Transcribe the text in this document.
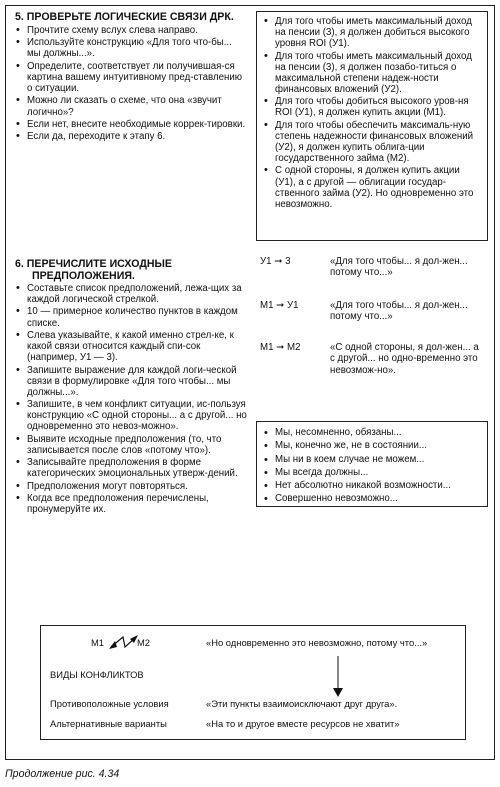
5. ПРОВЕРЬТЕ ЛОГИЧЕСКИЕ СВЯЗИ ДРК.
• Прочтите схему вслух слева направо.
• Используйте конструкцию «Для того что-бы... мы должны...».
• Определите, соответствует ли получившая-ся картина вашему интуитивному пред-ставлению о ситуации.
• Можно ли сказать о схеме, что она «звучит логично»?
• Если нет, внесите необходимые коррек-тировки.
• Если да, переходите к этапу 6.
• Для того чтобы иметь максимальный доход на пенсии (3), я должен добиться высокого уровня ROI (У1).
• Для того чтобы иметь максимальный доход на пенсии (3), я должен позабо-титься о максимальной степени надеж-ности финансовых вложений (У2).
• Для того чтобы добиться высокого уров-ня ROI (У1), я должен купить акции (М1).
• Для того чтобы обеспечить максималь-ную степень надежности финансовых вложений (У2), я должен купить облига-ции государственного займа (М2).
• С одной стороны, я должен купить акции (У1), а с другой — облигации государ-ственного займа (У2). Но одновременно это невозможно.
6. ПЕРЕЧИСЛИТЕ ИСХОДНЫЕ
ПРЕДПОЛОЖЕНИЯ.
• Составьте список предположений, лежа-щих за каждой логической стрелкой.
• 10 — примерное количество пунктов в каждом списке.
• Слева указывайте, к какой именно стрел-ке, к какой связи относится каждый спи-сок (например, У1 — 3).
• Запишите выражение для каждой логи-ческой связи в формулировке «Для того чтобы... мы должны...».
• Запишите, в чем конфликт ситуации, ис-пользуя конструкцию «С одной стороны... а с другой... но одновременно это невоз-можно».
• Выявите исходные предположения (то, что записывается после слов «потому что»).
• Записывайте предположения в форме категорических эмоциональных утверж-дений.
• Предположения могут повторяться.
• Когда все предположения перечислены, пронумеруйте их.
У1 ➞ 3	«Для того чтобы... я дол-жен... потому что...»
М1 ➞ У1	«Для того чтобы... я дол-жен... потому что...»
М1 ➞ М2	«С одной стороны, я дол-жен... а с другой... но одно-временно это невозмож-но».
• Мы, несомненно, обязаны...
• Мы, конечно же, не в состоянии...
• Мы ни в коем случае не можем...
• Мы всегда должны...
• Нет абсолютно никакой возможности...
• Совершенно невозможно...
М1	М2	«Но одновременно это невозможно, потому что...»
ВИДЫ КОНФЛИКТОВ
Противоположные условия	«Эти пункты взаимоисключают друг друга».
Альтернативные варианты	«На то и другое вместе ресурсов не хватит»
Продолжение рис. 4.34
